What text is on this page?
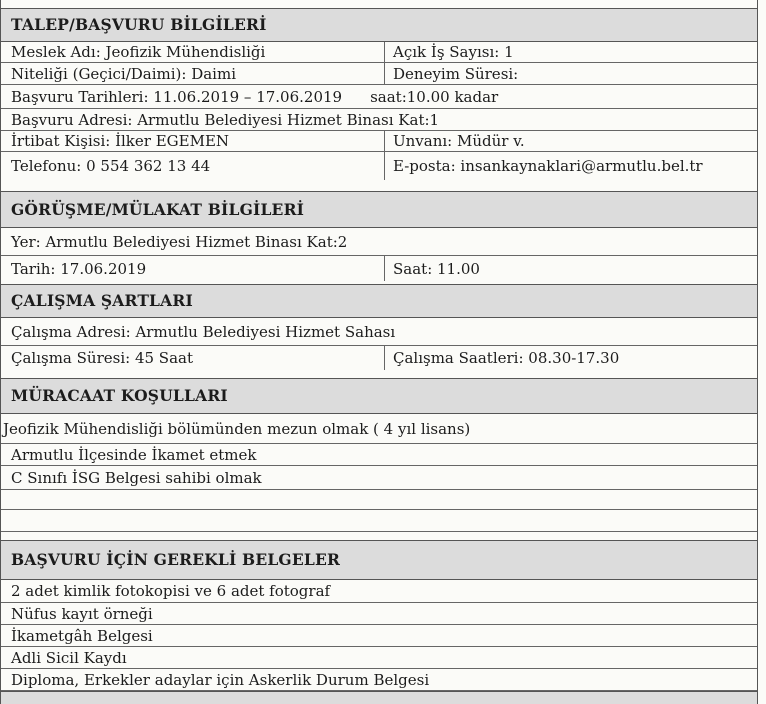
TALEP/BAŞVURU BİLGİLERİ
Meslek Adı: Jeofizik Mühendisliği	Açık İş Sayısı: 1
Niteliği (Geçici/Daimi): Daimi	Deneyim Süresi:
Başvuru Tarihleri: 11.06.2019 – 17.06.2019 saat:10.00 kadar
Başvuru Adresi: Armutlu Belediyesi Hizmet Binası Kat:1
İrtibat Kişisi: İlker EGEMEN	Unvanı: Müdür v.
Telefonu: 0 554 362 13 44	E-posta: insankaynaklari@armutlu.bel.tr
GÖRÜŞME/MÜLAKAT BİLGİLERİ
Yer: Armutlu Belediyesi Hizmet Binası Kat:2
Tarih: 17.06.2019	Saat: 11.00
ÇALIŞMA ŞARTLARI
Çalışma Adresi: Armutlu Belediyesi Hizmet Sahası
Çalışma Süresi: 45 Saat	Çalışma Saatleri: 08.30-17.30
MÜRACAAT KOŞULLARI
Jeofizik Mühendisliği bölümünden mezun olmak ( 4 yıl lisans)
Armutlu İlçesinde İkamet etmek
C Sınıfı İSG Belgesi sahibi olmak
BAŞVURU İÇİN GEREKLİ BELGELER
2 adet kimlik fotokopisi ve 6 adet fotograf
Nüfus kayıt örneği
İkametgâh Belgesi
Adli Sicil Kaydı
Diploma, Erkekler adaylar için Askerlik Durum Belgesi
